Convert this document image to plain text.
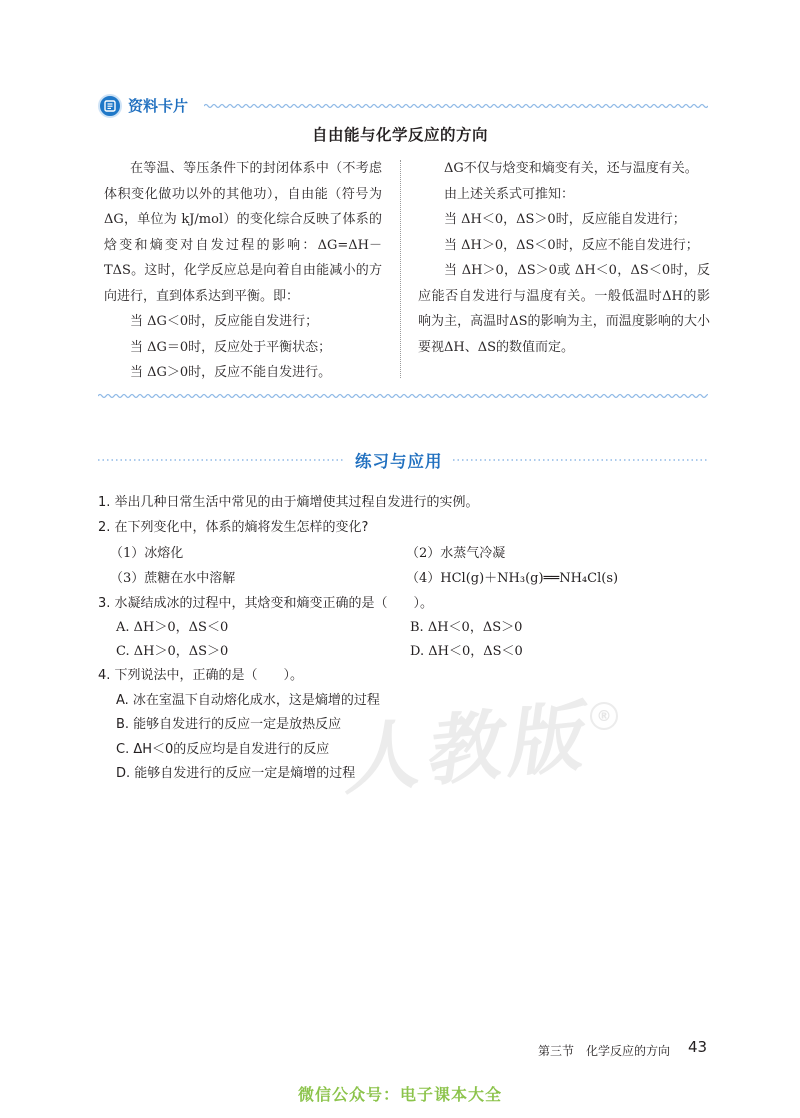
资料卡片
自由能与化学反应的方向

在等温、等压条件下的封闭体系中（不考虑体积变化做功以外的其他功），自由能（符号为 ΔG，单位为 kJ/mol）的变化综合反映了体系的焓变和熵变对自发过程的影响：ΔG=ΔH－TΔS。这时，化学反应总是向着自由能减小的方向进行，直到体系达到平衡。即：

当 ΔG＜0时，反应能自发进行；

当 ΔG＝0时，反应处于平衡状态；

当 ΔG＞0时，反应不能自发进行。

ΔG不仅与焓变和熵变有关，还与温度有关。

由上述关系式可推知：

当 ΔH＜0，ΔS＞0时，反应能自发进行；

当 ΔH＞0，ΔS＜0时，反应不能自发进行；

当 ΔH＞0，ΔS＞0或 ΔH＜0，ΔS＜0时，反应能否自发进行与温度有关。一般低温时ΔH的影响为主，高温时ΔS的影响为主，而温度影响的大小要视ΔH、ΔS的数值而定。

练习与应用
1. 举出几种日常生活中常见的由于熵增使其过程自发进行的实例。
2. 在下列变化中，体系的熵将发生怎样的变化?
（1）冰熔化	（2）水蒸气冷凝
（3）蔗糖在水中溶解	（4）HCl(g)＋NH₃(g)══NH₄Cl(s)
3. 水凝结成冰的过程中，其焓变和熵变正确的是（　　）。
A. ΔH＞0，ΔS＜0	B. ΔH＜0，ΔS＞0
C. ΔH＞0，ΔS＞0	D. ΔH＜0，ΔS＜0
人教版 ®
4. 下列说法中，正确的是（　　）。
A. 冰在室温下自动熔化成水，这是熵增的过程
B. 能够自发进行的反应一定是放热反应
C. ΔH＜0的反应均是自发进行的反应
D. 能够自发进行的反应一定是熵增的过程
第三节　化学反应的方向 43
微信公众号：电子课本大全
